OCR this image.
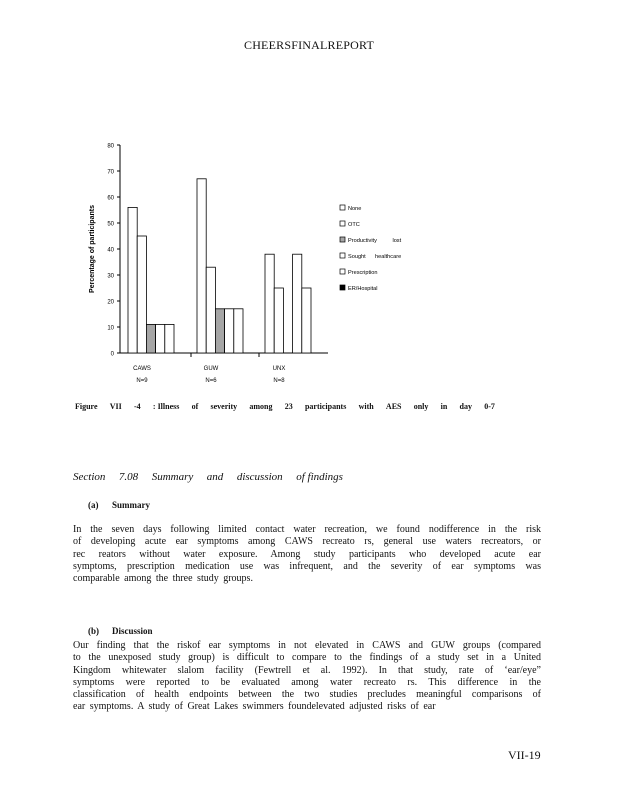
CHEERSFINALREPORT
0
10
20
30
40
50
60
70
80
Percentage of participants
CAWS
N=9
GUW
N=6
UNX
N=8
None
OTC
Productivity          lost
Sought      healthcare
Prescription
ER/Hospital
Figure VII -4 : Illness of severity among 23 participants with AES only in day 0-7
Section 7.08 Summary and discussion of findings
(a) Summary
In the seven days following limited contact water recreation, we found nodifference in the risk
of developing acute ear symptoms among CAWS recreato rs, general use waters recreators, or
rec reators without water exposure. Among study participants who developed acute ear
symptoms, prescription medication use was infrequent, and the severity of ear symptoms was
comparable among the three study groups.
(b) Discussion
Our finding that the riskof ear symptoms in not elevated in CAWS and GUW groups (compared
to the unexposed study group) is difficult to compare to the findings of a study set in a United
Kingdom whitewater slalom facility (Fewtrell et al. 1992). In that study, rate of ‘ear/eye”
symptoms were reported to be evaluated among water recreato rs. This difference in the
classification of health endpoints between the two studies precludes meaningful comparisons of
ear symptoms. A study of Great Lakes swimmers foundelevated adjusted risks of ear
VII-19
